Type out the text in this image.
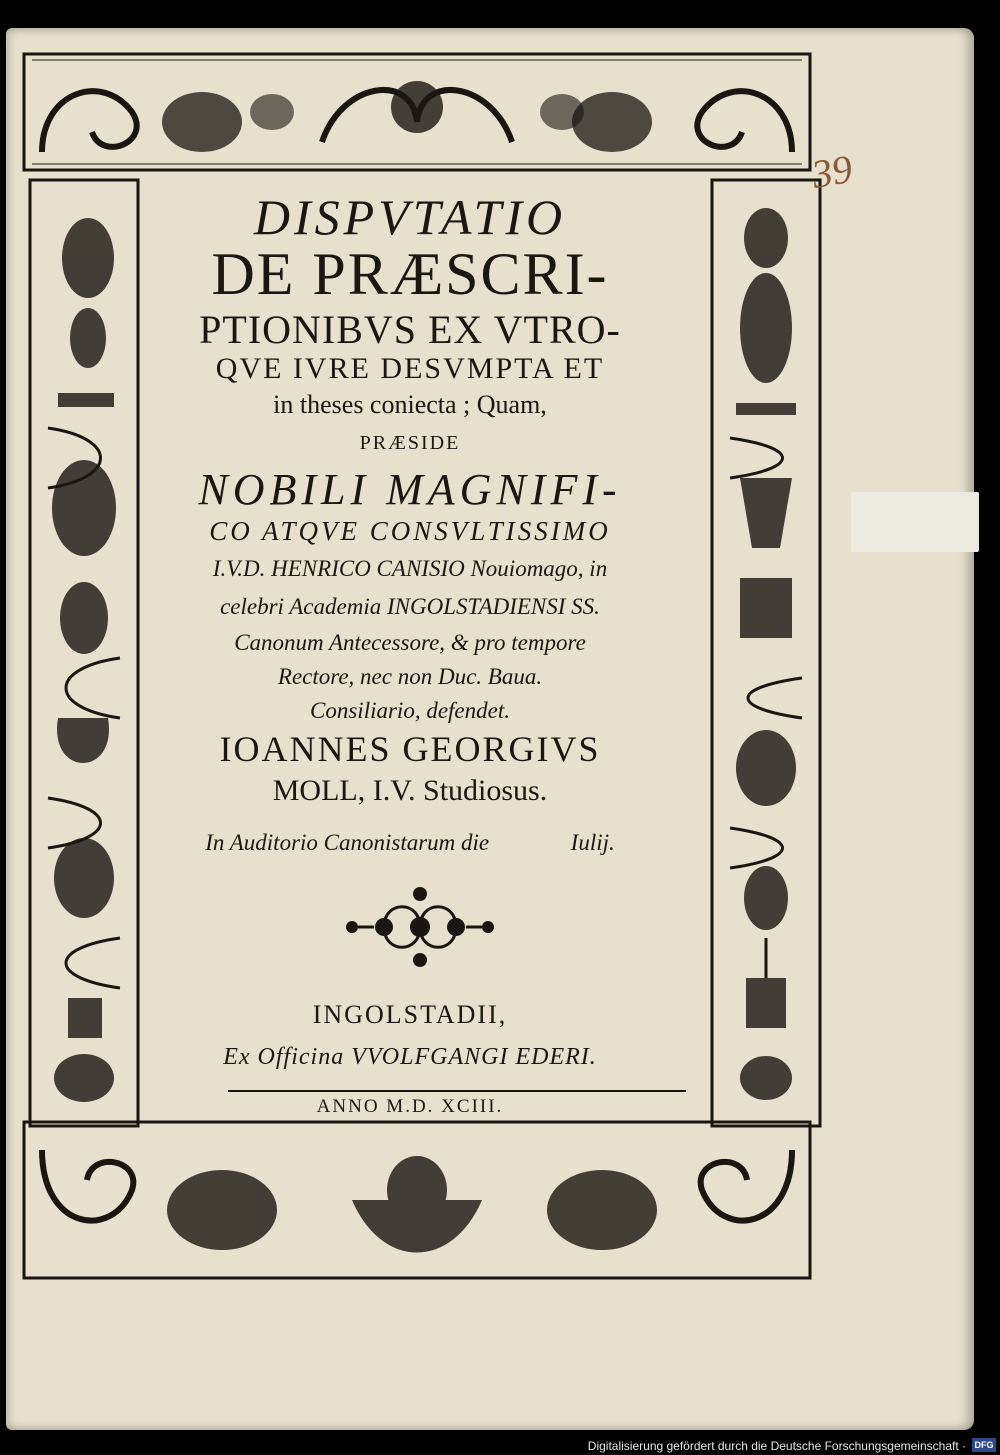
39
DISPVTATIO
DE PRÆSCRI-
PTIONIBVS EX VTRO-
QVE IVRE DESVMPTA ET
in theses coniecta ; Quam,
PRÆSIDE
NOBILI MAGNIFI-
CO ATQVE CONSVLTISSIMO
I.V.D. HENRICO CANISIO Nouiomago, in
celebri Academia INGOLSTADIENSI SS.
Canonum Antecessore, & pro tempore
Rectore, nec non Duc. Baua.
Consiliario, defendet.
IOANNES GEORGIVS
MOLL, I.V. Studiosus.
In Auditorio Canonistarum die	Iulij.
INGOLSTADII,
Ex Officina VVOLFGANGI EDERI.
ANNO M.D. XCIII.
Digitalisierung gefördert durch die Deutsche Forschungsgemeinschaft · DFG
